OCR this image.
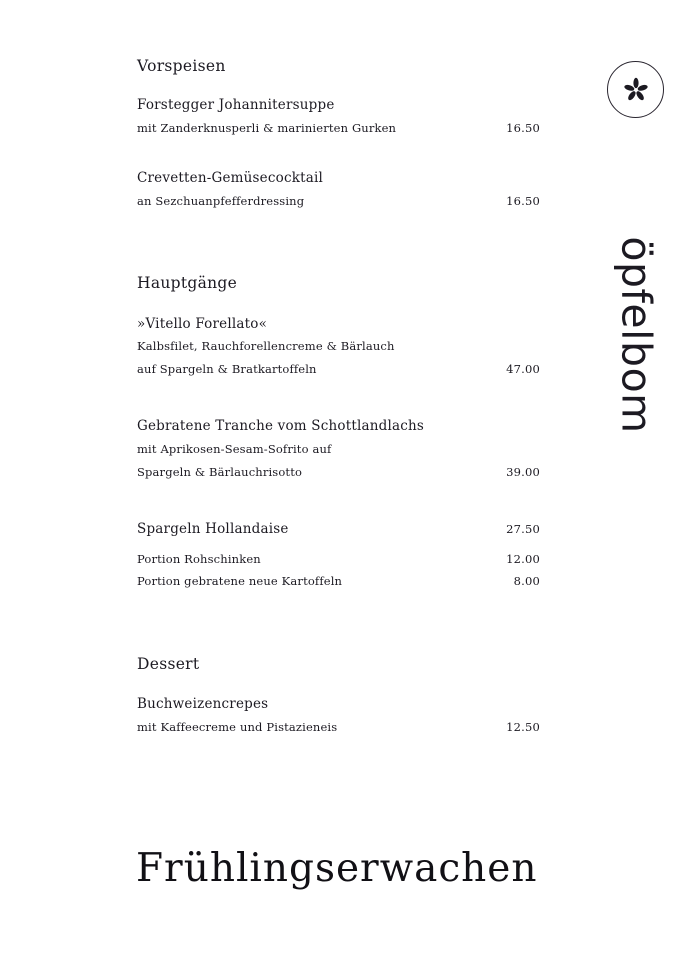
Vorspeisen
Forstegger Johannitersuppe
mit Zanderknusperli & marinierten Gurken	16.50
Crevetten-Gemüsecocktail
an Sezchuanpfefferdressing	16.50
Hauptgänge
»Vitello Forellato«
Kalbsfilet, Rauchforellencreme & Bärlauch
auf Spargeln & Bratkartoffeln	47.00
Gebratene Tranche vom Schottlandlachs
mit Aprikosen-Sesam-Sofrito auf
Spargeln & Bärlauchrisotto	39.00
Spargeln Hollandaise	27.50
Portion Rohschinken	12.00
Portion gebratene neue Kartoffeln	8.00
Dessert
Buchweizencrepes
mit Kaffeecreme und Pistazieneis	12.50
öpfelbom
Frühlingserwachen
